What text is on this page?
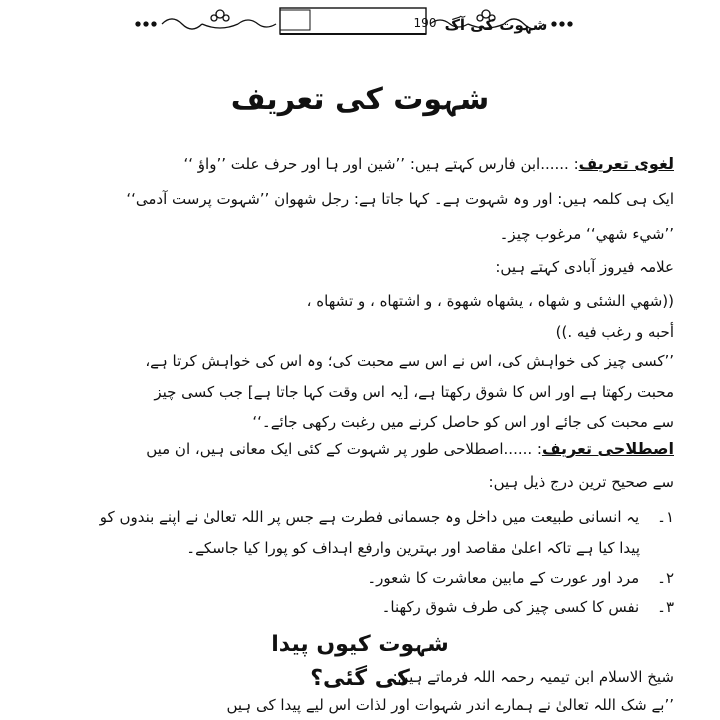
190 شہوت کی آگ
شہوت کی تعریف
لغوی تعریف: ......ابن فارس کہتے ہیں: ’’شین اور ہا اور حرف علت ’’واؤ ‘‘
ایک ہی کلمہ ہیں: اور وہ شہوت ہے۔ کہا جاتا ہے: رجل شھوان ’’شہوت پرست آدمی‘‘
’’شيء شهي‘‘ مرغوب چیز۔
علامہ فیروز آبادی کہتے ہیں:
((شهي الشئی و شهاه ، يشهاه شهوة ، و اشتهاه ، و تشهاه ،
أحبه و رغب فيه .))
’’کسی چیز کی خواہش کی، اس نے اس سے محبت کی؛ وہ اس کی خواہش کرتا ہے،
محبت رکھتا ہے اور اس کا شوق رکھتا ہے، [یہ اس وقت کہا جاتا ہے] جب کسی چیز
سے محبت کی جائے اور اس کو حاصل کرنے میں رغبت رکھی جائے۔‘‘
اصطلاحی تعریف: ......اصطلاحی طور پر شہوت کے کئی ایک معانی ہیں، ان میں
سے صحیح ترین درج ذیل ہیں:
۱۔ یہ انسانی طبیعت میں داخل وہ جسمانی فطرت ہے جس پر اللہ تعالیٰ نے اپنے بندوں کو
پیدا کیا ہے تاکہ اعلیٰ مقاصد اور بہترین وارفع اہداف کو پورا کیا جاسکے۔
۲۔ مرد اور عورت کے مابین معاشرت کا شعور۔
۳۔ نفس کا کسی چیز کی طرف شوق رکھنا۔
شہوت کیوں پیدا کی گئی؟
شیخ الاسلام ابن تیمیہ رحمہ اللہ فرماتے ہیں:
’’بے شک اللہ تعالیٰ نے ہمارے اندر شہوات اور لذات اس لیے پیدا کی ہیں
